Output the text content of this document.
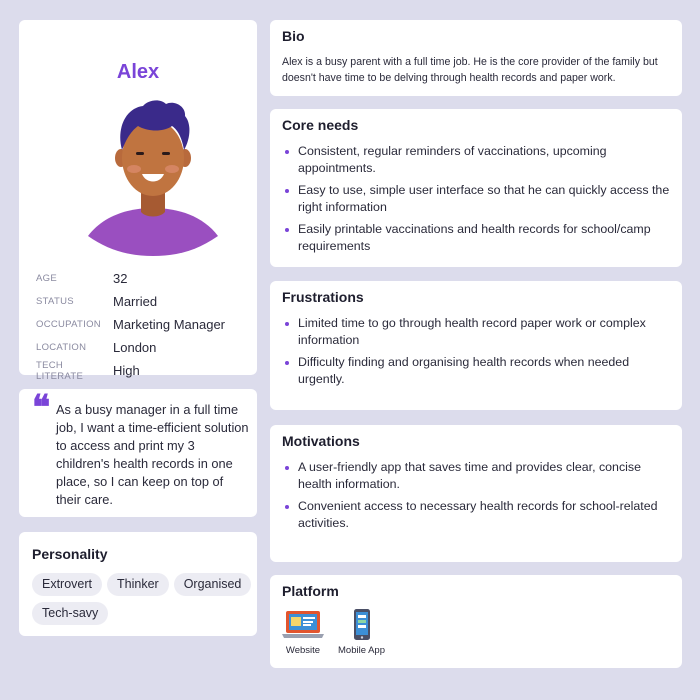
Alex
AGE	32
STATUS	Married
OCCUPATION Marketing Manager
LOCATION	London
TECH LITERATE	High
❝ As a busy manager in a full time job, I want a time-efficient solution to access and print my 3 children's health records in one place, so I can keep on top of their care.
Personality
Extrovert	Thinker	Organised
Tech-savy
Bio
Alex is a busy parent with a full time job. He is the core provider of the family but doesn't have time to be delving through health records and paper work.
Core needs
Consistent, regular reminders of vaccinations, upcoming appointments.
Easy to use, simple user interface so that he can quickly access the right information
Easily printable vaccinations and health records for school/camp requirements
Frustrations
Limited time to go through health record paper work or complex information
Difficulty finding and organising health records when needed urgently.
Motivations
A user-friendly app that saves time and provides clear, concise health information.
Convenient access to necessary health records for school-related activities.
Platform
Website Mobile App
